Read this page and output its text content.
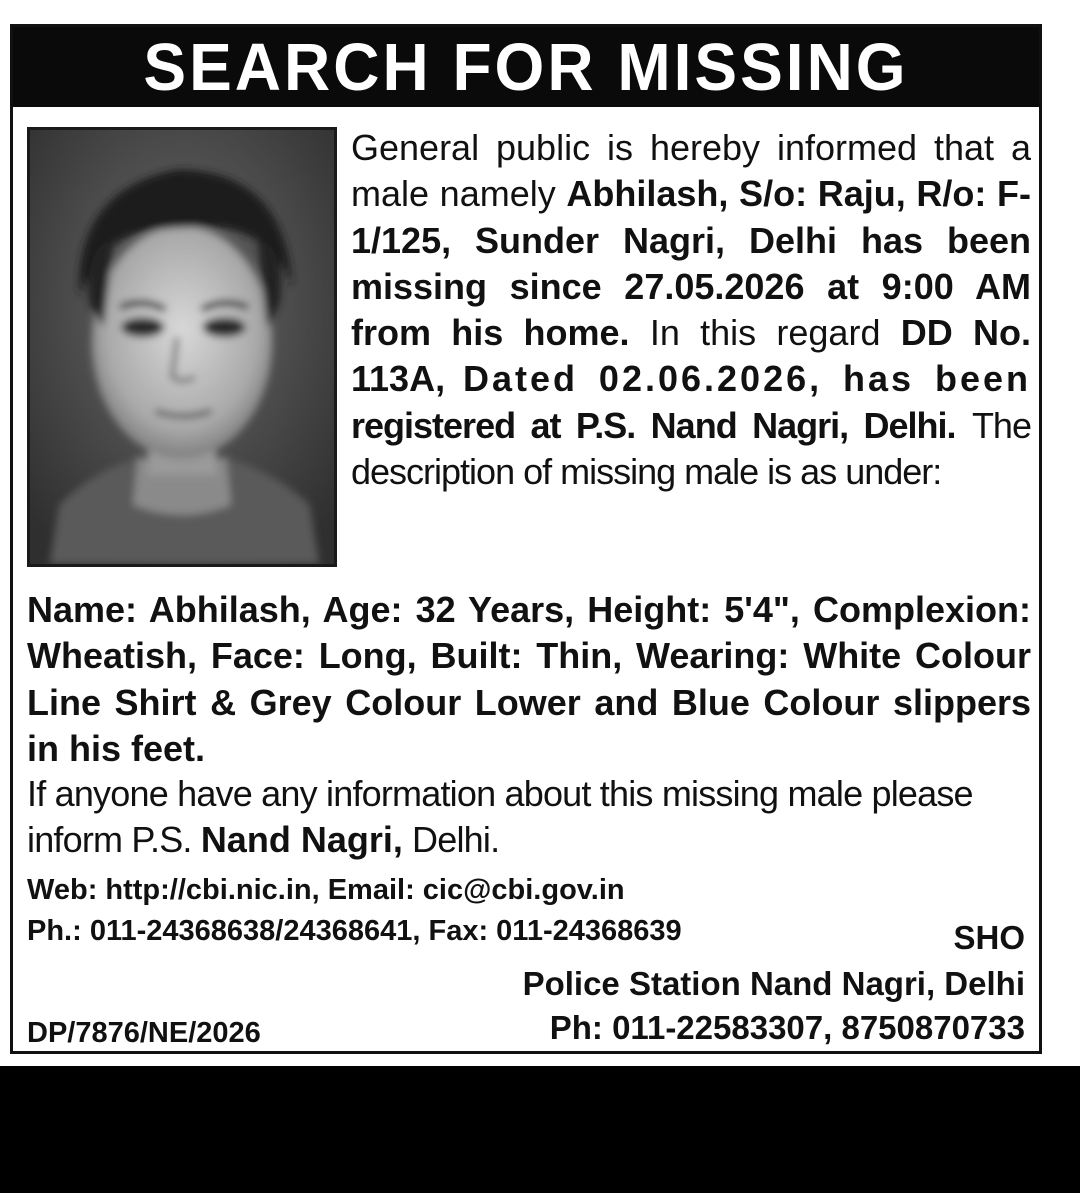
SEARCH FOR MISSING
General public is hereby informed that a male namely Abhilash, S/o: Raju, R/o: F-1/125, Sunder Nagri, Delhi has been missing since 27.05.2026 at 9:00 AM from his home. In this regard DD No. 113A, Dated 02.06.2026, has been registered at P.S. Nand Nagri, Delhi. The description of missing male is as under:
Name: Abhilash, Age: 32 Years, Height: 5'4", Complexion: Wheatish, Face: Long, Built: Thin, Wearing: White Colour Line Shirt & Grey Colour Lower and Blue Colour slippers in his feet.
If anyone have any information about this missing male please inform P.S. Nand Nagri, Delhi.
Web: http://cbi.nic.in, Email: cic@cbi.gov.in
Ph.: 011-24368638/24368641, Fax: 011-24368639
DP/7876/NE/2026
SHO
Police Station Nand Nagri, Delhi
Ph: 011-22583307, 8750870733
